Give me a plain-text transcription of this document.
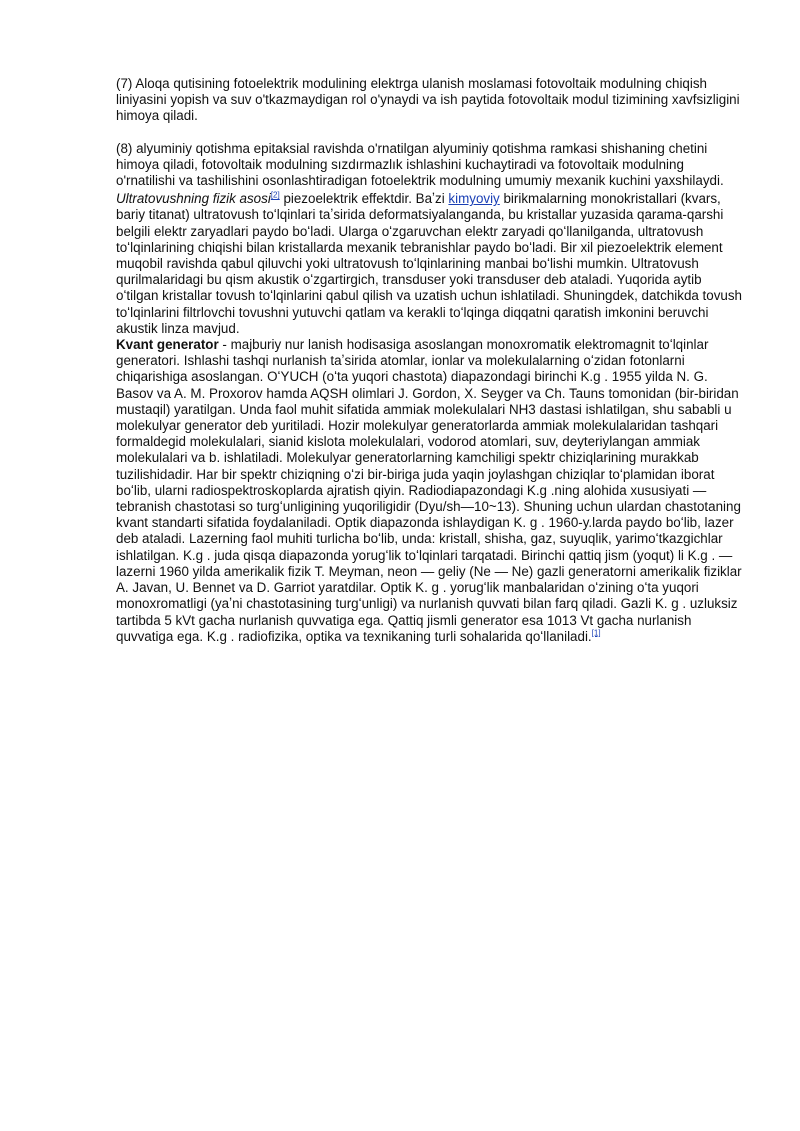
(7) Aloqa qutisining fotoelektrik modulining elektrga ulanish moslamasi fotovoltaik modulning chiqish liniyasini yopish va suv o'tkazmaydigan rol o'ynaydi va ish paytida fotovoltaik modul tizimining xavfsizligini himoya qiladi.

(8) alyuminiy qotishma epitaksial ravishda o'rnatilgan alyuminiy qotishma ramkasi shishaning chetini himoya qiladi, fotovoltaik modulning sızdırmazlık ishlashini kuchaytiradi va fotovoltaik modulning o'rnatilishi va tashilishini osonlashtiradigan fotoelektrik modulning umumiy mexanik kuchini yaxshilaydi.

Ultratovushning fizik asosi[2] piezoelektrik effektdir. Baʼzi kimyoviy birikmalarning monokristallari (kvars, bariy titanat) ultratovush toʻlqinlari taʼsirida deformatsiyalanganda, bu kristallar yuzasida qarama-qarshi belgili elektr zaryadlari paydo boʻladi. Ularga oʻzgaruvchan elektr zaryadi qoʻllanilganda, ultratovush toʻlqinlarining chiqishi bilan kristallarda mexanik tebranishlar paydo boʻladi. Bir xil piezoelektrik element muqobil ravishda qabul qiluvchi yoki ultratovush toʻlqinlarining manbai boʻlishi mumkin. Ultratovush qurilmalaridagi bu qism akustik oʻzgartirgich, transduser yoki transduser deb ataladi. Yuqorida aytib oʻtilgan kristallar tovush toʻlqinlarini qabul qilish va uzatish uchun ishlatiladi. Shuningdek, datchikda tovush toʻlqinlarini filtrlovchi tovushni yutuvchi qatlam va kerakli toʻlqinga diqqatni qaratish imkonini beruvchi akustik linza mavjud.

Kvant generator - majburiy nur lanish hodisasiga asoslangan monoxromatik elektromagnit toʻlqinlar generatori. Ishlashi tashqi nurlanish taʼsirida atomlar, ionlar va molekulalarning oʻzidan fotonlarni chiqarishiga asoslangan. OʻYUCH (oʻta yuqori chastota) diapazondagi birinchi K.g . 1955 yilda N. G. Basov va A. M. Proxorov hamda AQSH olimlari J. Gordon, X. Seyger va Ch. Tauns tomonidan (bir-biridan mustaqil) yaratilgan. Unda faol muhit sifatida ammiak molekulalari NH3 dastasi ishlatilgan, shu sababli u molekulyar generator deb yuritiladi. Hozir molekulyar generatorlarda ammiak molekulalaridan tashqari formaldegid molekulalari, sianid kislota molekulalari, vodorod atomlari, suv, deyteriylangan ammiak molekulalari va b. ishlatiladi. Molekulyar generatorlarning kamchiligi spektr chiziqlarining murakkab tuzilishidadir. Har bir spektr chiziqning oʻzi bir-biriga juda yaqin joylashgan chiziqlar toʻplamidan iborat boʻlib, ularni radiospektroskoplarda ajratish qiyin. Radiodiapazondagi K.g .ning alohida xususiyati — tebranish chastotasi so turgʻunligining yuqoriligidir (Dyu/sh—10~13). Shuning uchun ulardan chastotaning kvant standarti sifatida foydalaniladi. Optik diapazonda ishlaydigan K. g . 1960-y.larda paydo boʻlib, lazer deb ataladi. Lazerning faol muhiti turlicha boʻlib, unda: kristall, shisha, gaz, suyuqlik, yarimoʻtkazgichlar ishlatilgan. K.g . juda qisqa diapazonda yorugʻlik toʻlqinlari tarqatadi. Birinchi qattiq jism (yoqut) li K.g . — lazerni 1960 yilda amerikalik fizik T. Meyman, neon — geliy (Ne — Ne) gazli generatorni amerikalik fiziklar A. Javan, U. Bennet va D. Garriot yaratdilar. Optik K. g . yorugʻlik manbalaridan oʻzining oʻta yuqori monoxromatligi (yaʼni chastotasining turgʻunligi) va nurlanish quvvati bilan farq qiladi. Gazli K. g . uzluksiz tartibda 5 kVt gacha nurlanish quvvatiga ega. Qattiq jismli generator esa 1013 Vt gacha nurlanish quvvatiga ega. K.g . radiofizika, optika va texnikaning turli sohalarida qoʻllaniladi.[1]
